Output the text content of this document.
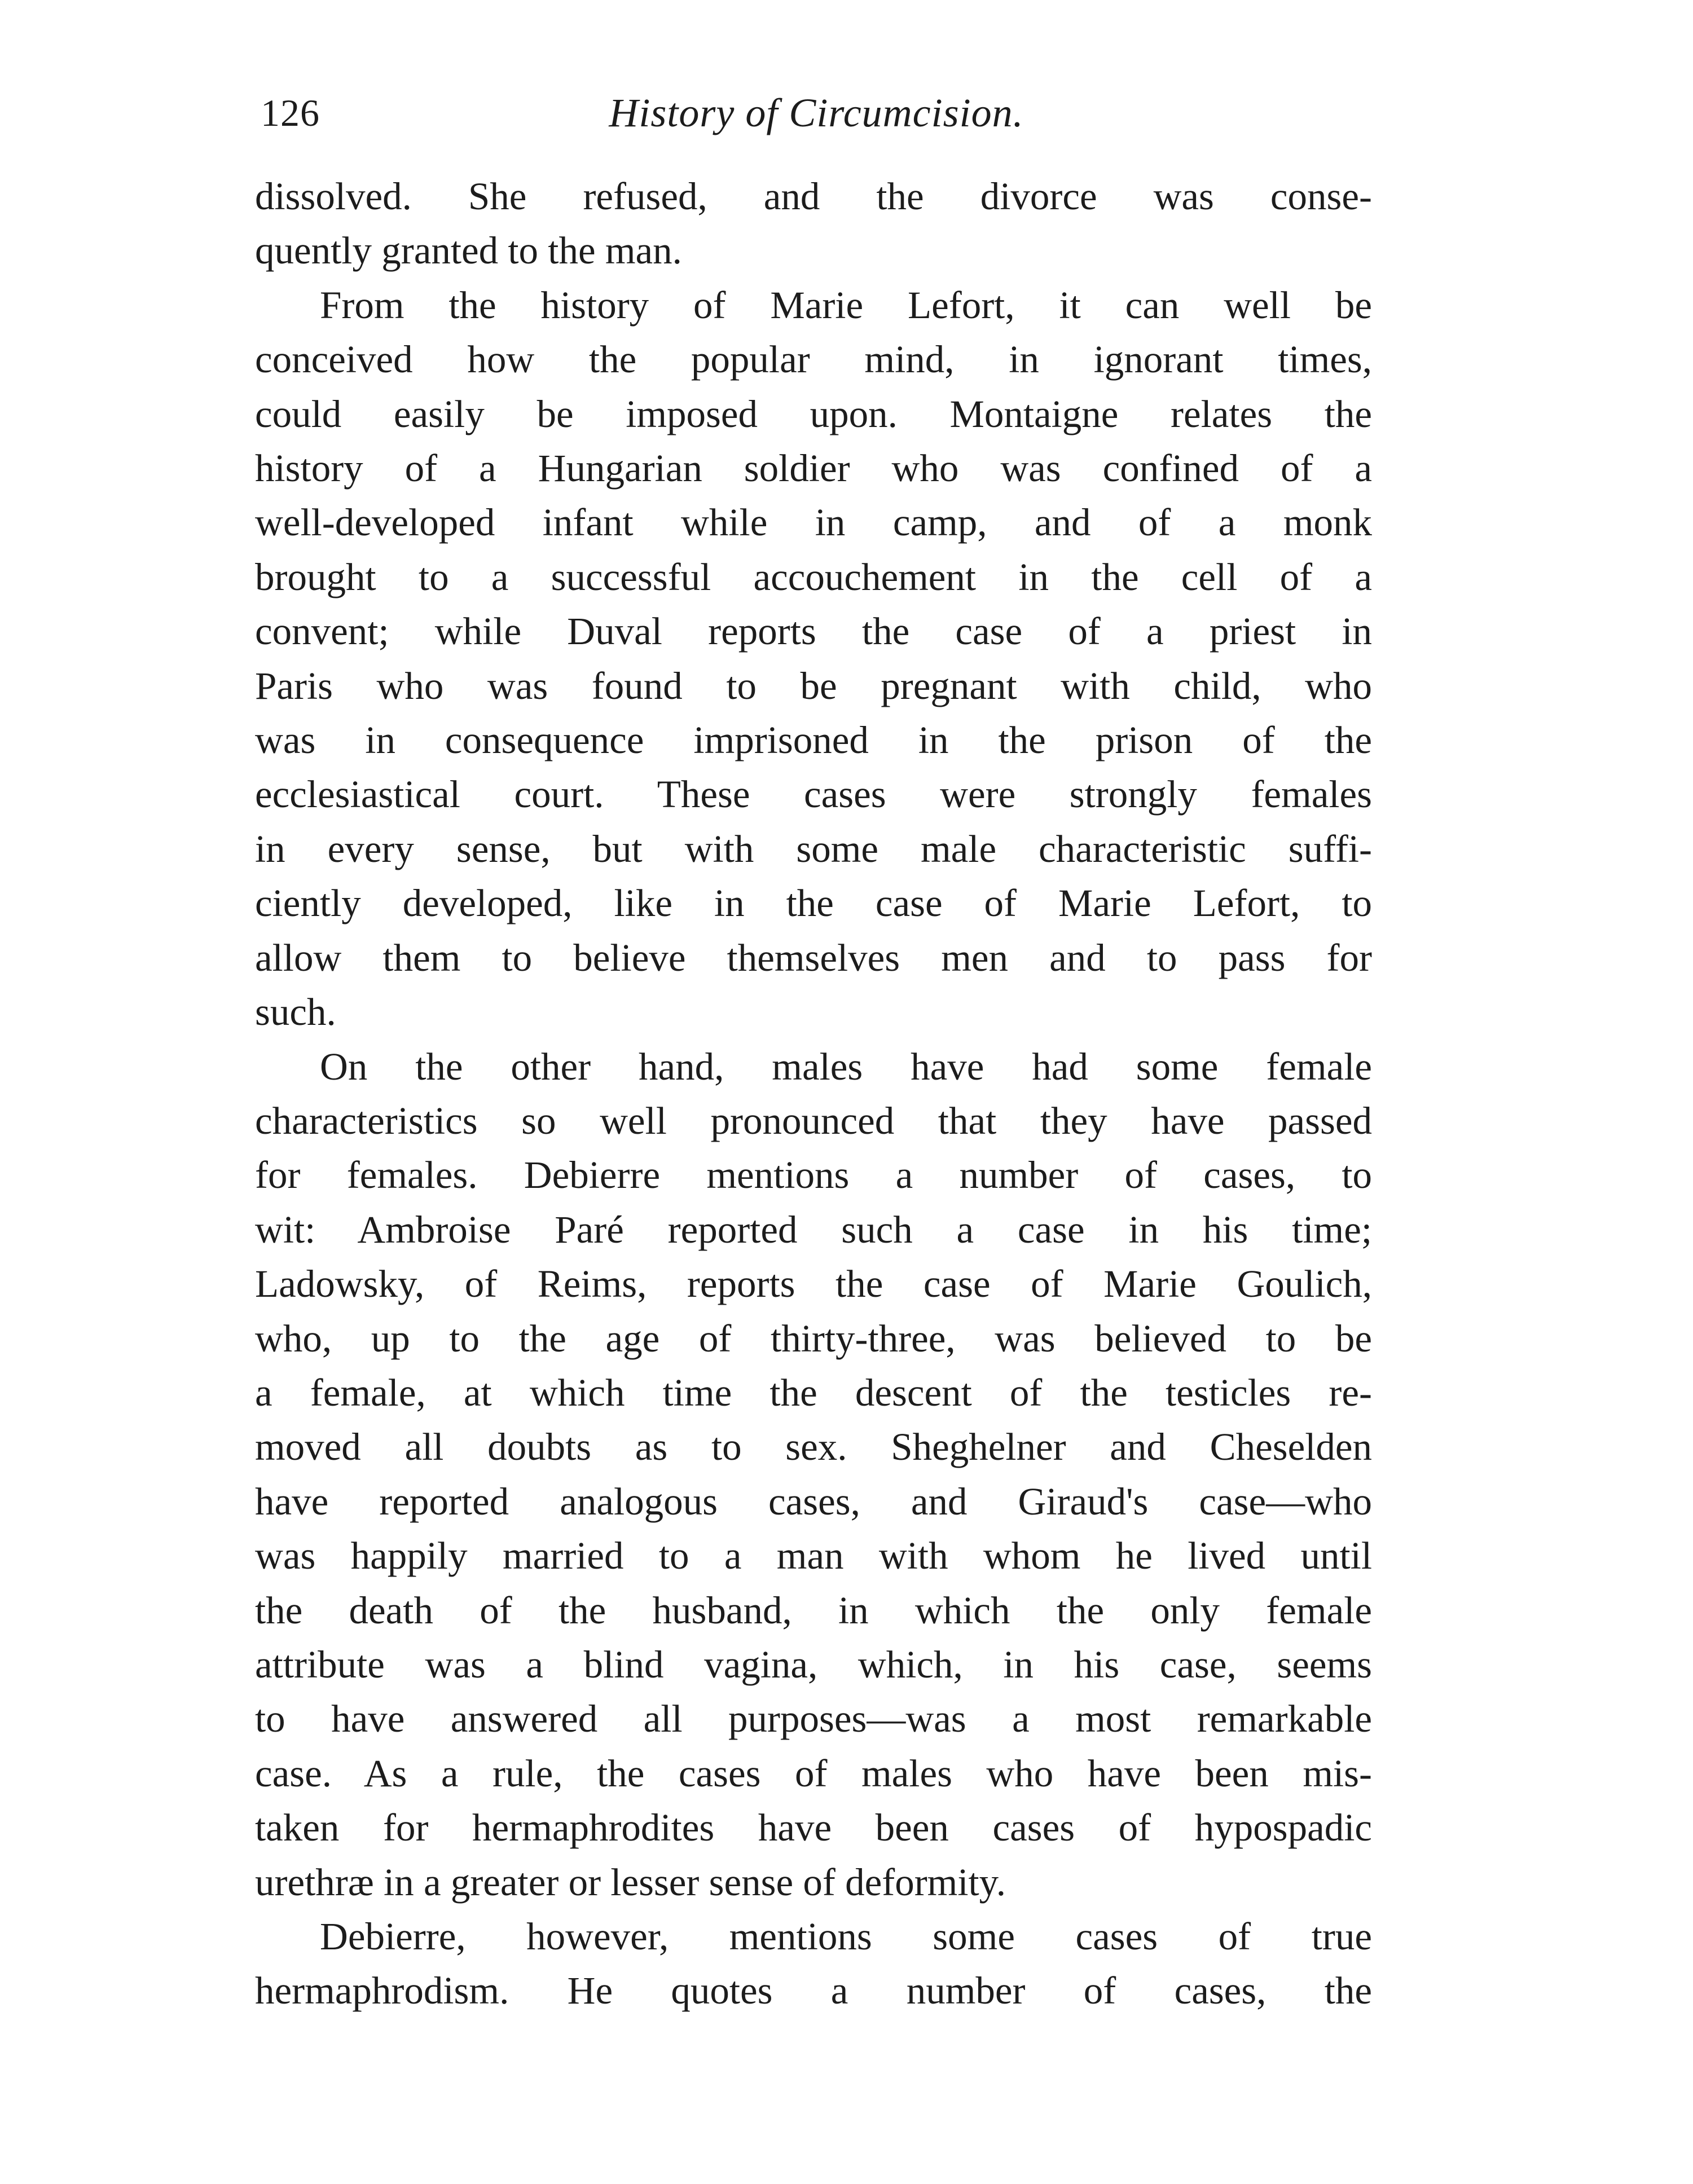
126	History of Circumcision.

dissolved. She refused, and the divorce was conse-
quently granted to the man.

From the history of Marie Lefort, it can well be
conceived how the popular mind, in ignorant times,
could easily be imposed upon. Montaigne relates the
history of a Hungarian soldier who was confined of a
well-developed infant while in camp, and of a monk
brought to a successful accouchement in the cell of a
convent; while Duval reports the case of a priest in
Paris who was found to be pregnant with child, who
was in consequence imprisoned in the prison of the
ecclesiastical court. These cases were strongly females
in every sense, but with some male characteristic suffi-
ciently developed, like in the case of Marie Lefort, to
allow them to believe themselves men and to pass for
such.

On the other hand, males have had some female
characteristics so well pronounced that they have passed
for females. Debierre mentions a number of cases, to
wit: Ambroise Paré reported such a case in his time;
Ladowsky, of Reims, reports the case of Marie Goulich,
who, up to the age of thirty-three, was believed to be
a female, at which time the descent of the testicles re-
moved all doubts as to sex. Sheghelner and Cheselden
have reported analogous cases, and Giraud's case—who
was happily married to a man with whom he lived until
the death of the husband, in which the only female
attribute was a blind vagina, which, in his case, seems
to have answered all purposes—was a most remarkable
case. As a rule, the cases of males who have been mis-
taken for hermaphrodites have been cases of hypospadic
urethræ in a greater or lesser sense of deformity.

Debierre, however, mentions some cases of true
hermaphrodism. He quotes a number of cases, the
